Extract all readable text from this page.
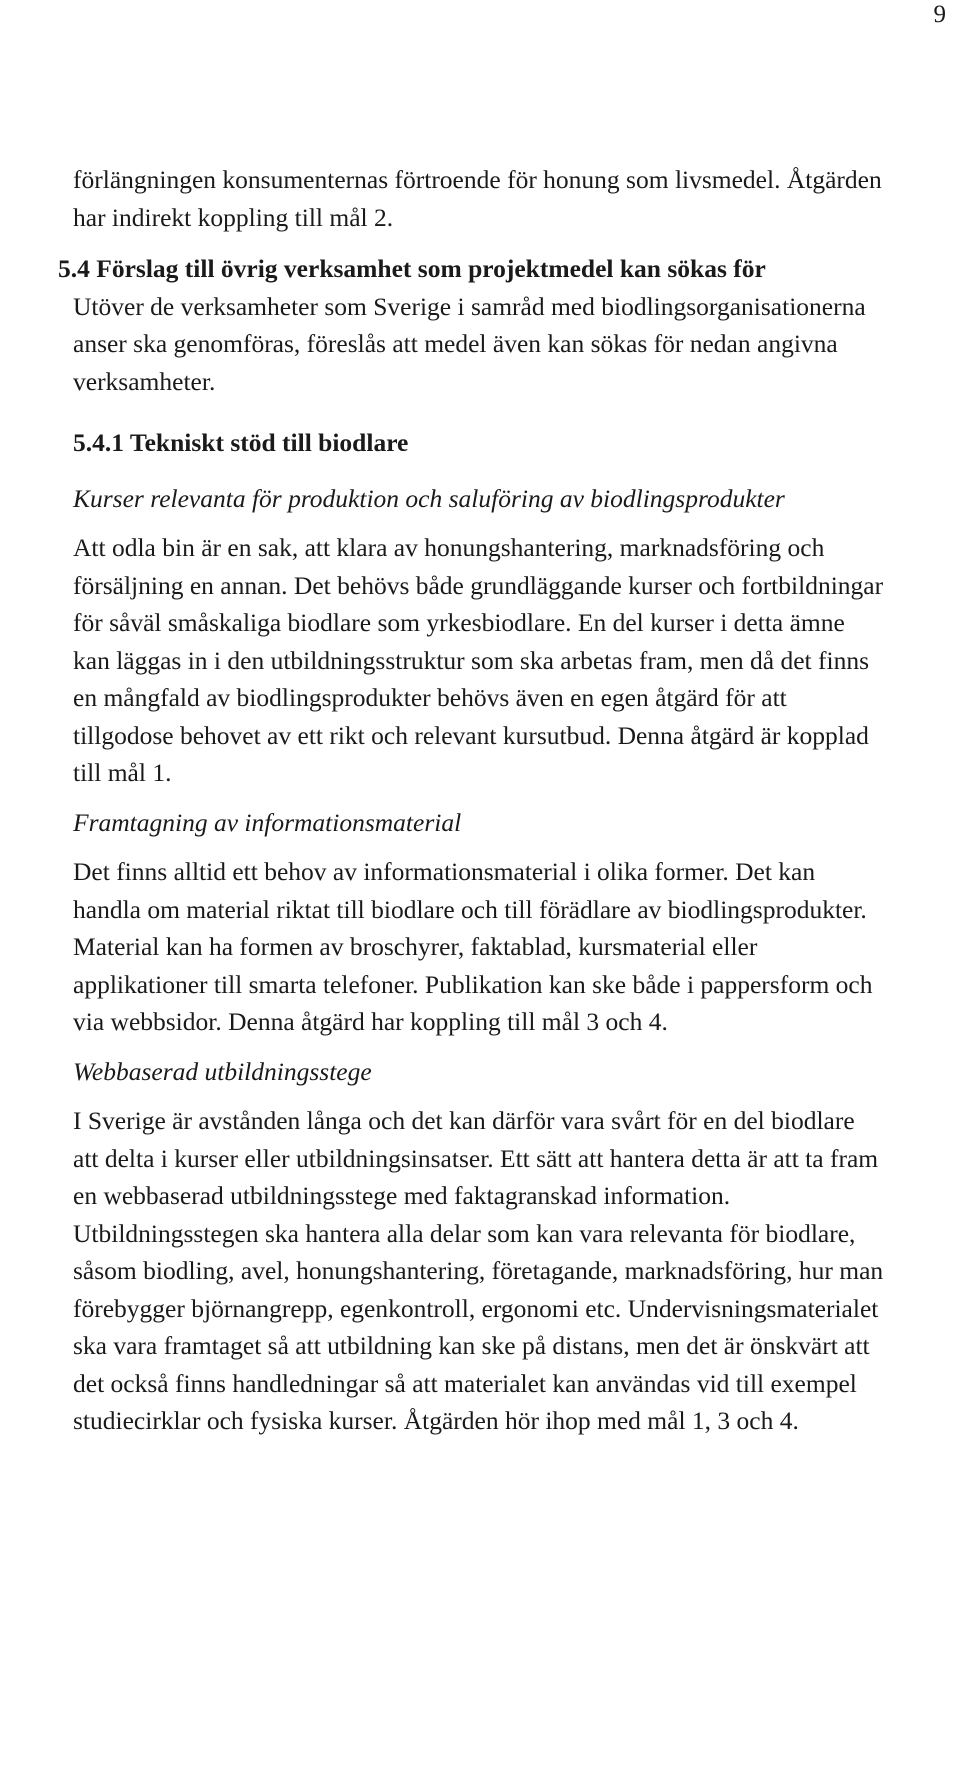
9

förlängningen konsumenternas förtroende för honung som livsmedel. Åtgärden har indirekt koppling till mål 2.

5.4 Förslag till övrig verksamhet som projektmedel kan sökas för

Utöver de verksamheter som Sverige i samråd med biodlingsorganisationerna anser ska genomföras, föreslås att medel även kan sökas för nedan angivna verksamheter.

5.4.1 Tekniskt stöd till biodlare
Kurser relevanta för produktion och saluföring av biodlingsprodukter

Att odla bin är en sak, att klara av honungshantering, marknadsföring och försäljning en annan. Det behövs både grundläggande kurser och fortbildningar för såväl småskaliga biodlare som yrkesbiodlare. En del kurser i detta ämne kan läggas in i den utbildningsstruktur som ska arbetas fram, men då det finns en mångfald av biodlingsprodukter behövs även en egen åtgärd för att tillgodose behovet av ett rikt och relevant kursutbud. Denna åtgärd är kopplad till mål 1.

Framtagning av informationsmaterial

Det finns alltid ett behov av informationsmaterial i olika former. Det kan handla om material riktat till biodlare och till förädlare av biodlingsprodukter. Material kan ha formen av broschyrer, faktablad, kursmaterial eller applikationer till smarta telefoner. Publikation kan ske både i pappersform och via webbsidor. Denna åtgärd har koppling till mål 3 och 4.

Webbaserad utbildningsstege

I Sverige är avstånden långa och det kan därför vara svårt för en del biodlare att delta i kurser eller utbildningsinsatser. Ett sätt att hantera detta är att ta fram en webbaserad utbildningsstege med faktagranskad information. Utbildningsstegen ska hantera alla delar som kan vara relevanta för biodlare, såsom biodling, avel, honungshantering, företagande, marknadsföring, hur man förebygger björnangrepp, egenkontroll, ergonomi etc. Undervisningsmaterialet ska vara framtaget så att utbildning kan ske på distans, men det är önskvärt att det också finns handledningar så att materialet kan användas vid till exempel studiecirklar och fysiska kurser. Åtgärden hör ihop med mål 1, 3 och 4.
